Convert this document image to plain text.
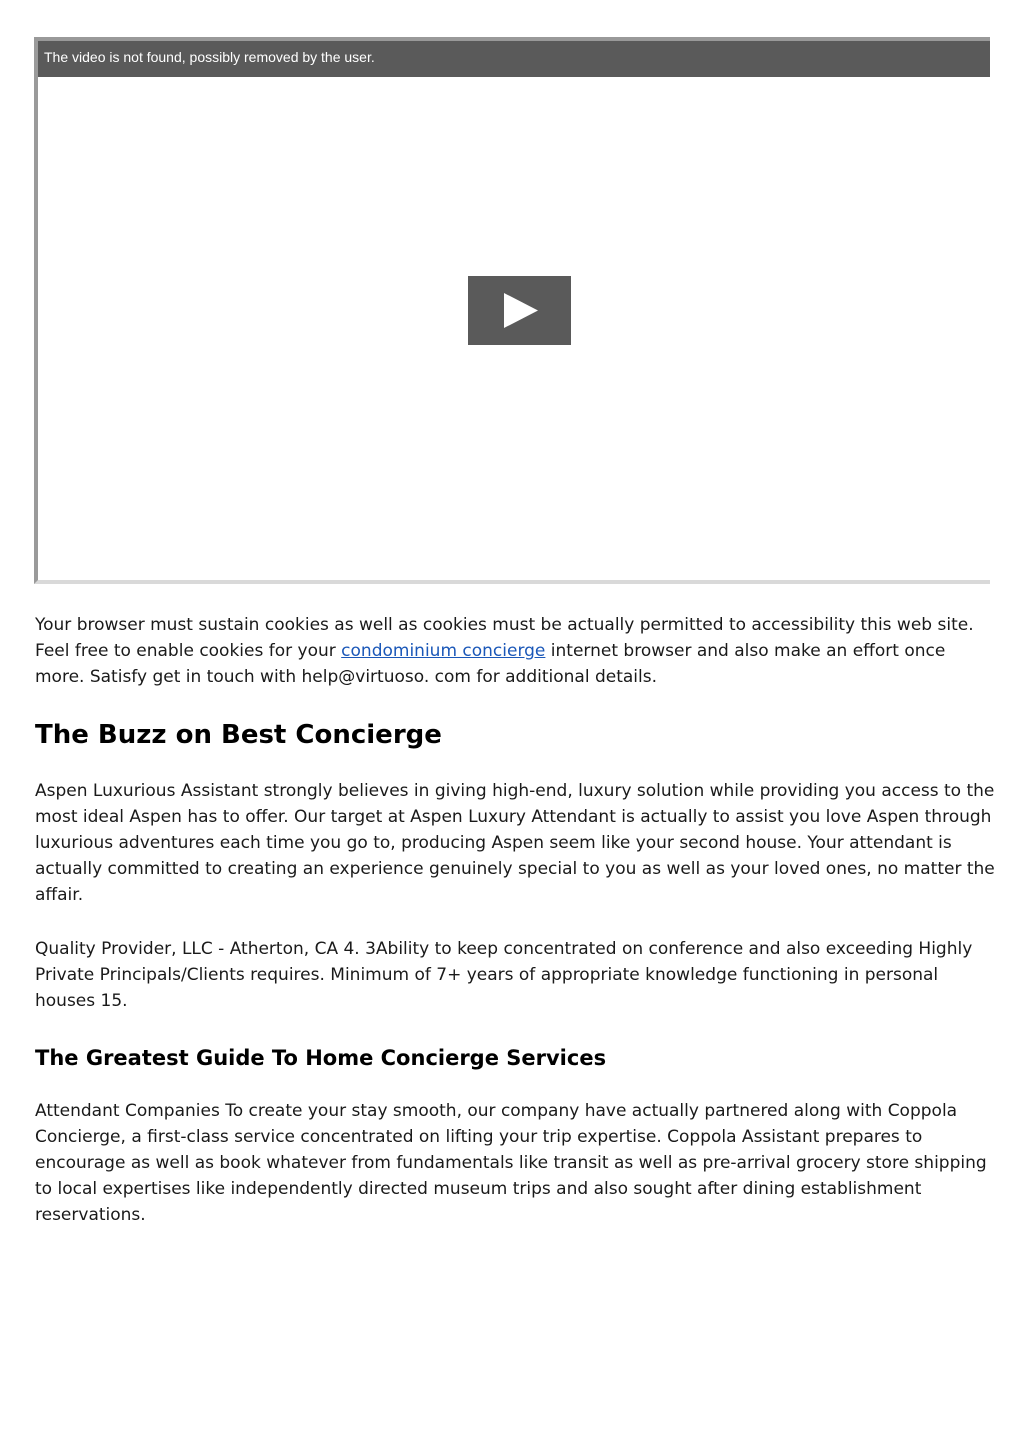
The video is not found, possibly removed by the user.

Your browser must sustain cookies as well as cookies must be actually permitted to accessibility this web site. Feel free to enable cookies for your condominium concierge internet browser and also make an effort once more. Satisfy get in touch with help@virtuoso. com for additional details.

The Buzz on Best Concierge

Aspen Luxurious Assistant strongly believes in giving high-end, luxury solution while providing you access to the most ideal Aspen has to offer. Our target at Aspen Luxury Attendant is actually to assist you love Aspen through luxurious adventures each time you go to, producing Aspen seem like your second house. Your attendant is actually committed to creating an experience genuinely special to you as well as your loved ones, no matter the affair.

Quality Provider, LLC - Atherton, CA 4. 3Ability to keep concentrated on conference and also exceeding Highly Private Principals/Clients requires. Minimum of 7+ years of appropriate knowledge functioning in personal houses 15.

The Greatest Guide To Home Concierge Services

Attendant Companies To create your stay smooth, our company have actually partnered along with Coppola Concierge, a first-class service concentrated on lifting your trip expertise. Coppola Assistant prepares to encourage as well as book whatever from fundamentals like transit as well as pre-arrival grocery store shipping to local expertises like independently directed museum trips and also sought after dining establishment reservations.
